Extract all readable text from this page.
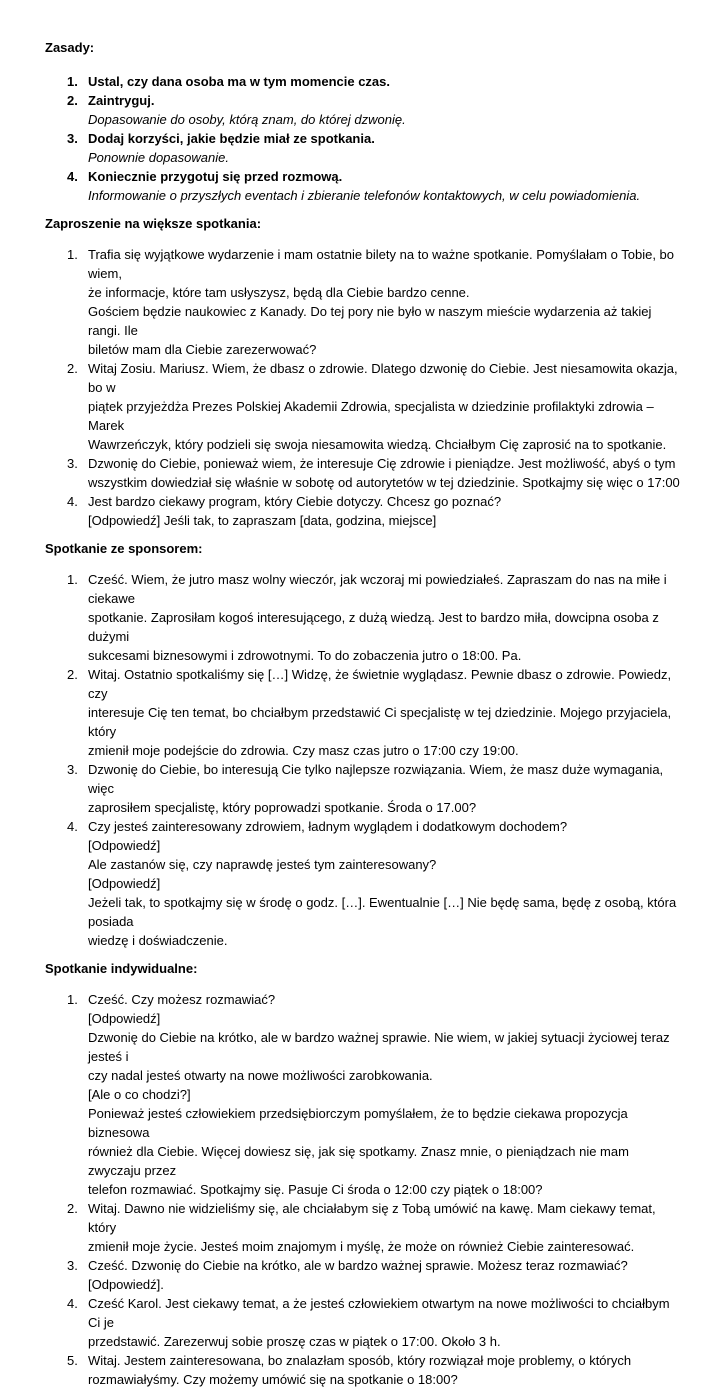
Zasady:

1. Ustal, czy dana osoba ma w tym momencie czas.
2. Zaintryguj.
Dopasowanie do osoby, którą znam, do której dzwonię.
3. Dodaj korzyści, jakie będzie miał ze spotkania.
Ponownie dopasowanie.
4. Koniecznie przygotuj się przed rozmową.
Informowanie o przyszłych eventach i zbieranie telefonów kontaktowych, w celu powiadomienia.

Zaproszenie na większe spotkania:

1. Trafia się wyjątkowe wydarzenie i mam ostatnie bilety na to ważne spotkanie. Pomyślałam o Tobie, bo wiem,
że informacje, które tam usłyszysz, będą dla Ciebie bardzo cenne.
Gościem będzie naukowiec z Kanady. Do tej pory nie było w naszym mieście wydarzenia aż takiej rangi. Ile
biletów mam dla Ciebie zarezerwować?
2. Witaj Zosiu. Mariusz. Wiem, że dbasz o zdrowie. Dlatego dzwonię do Ciebie. Jest niesamowita okazja, bo w
piątek przyjeżdża Prezes Polskiej Akademii Zdrowia, specjalista w dziedzinie profilaktyki zdrowia – Marek
Wawrzeńczyk, który podzieli się swoja niesamowita wiedzą. Chciałbym Cię zaprosić na to spotkanie.
3. Dzwonię do Ciebie, ponieważ wiem, że interesuje Cię zdrowie i pieniądze. Jest możliwość, abyś o tym
wszystkim dowiedział się właśnie w sobotę od autorytetów w tej dziedzinie. Spotkajmy się więc o 17:00
4. Jest bardzo ciekawy program, który Ciebie dotyczy. Chcesz go poznać?
[Odpowiedź] Jeśli tak, to zapraszam [data, godzina, miejsce]

Spotkanie ze sponsorem:

1. Cześć. Wiem, że jutro masz wolny wieczór, jak wczoraj mi powiedziałeś. Zapraszam do nas na miłe i ciekawe
spotkanie. Zaprosiłam kogoś interesującego, z dużą wiedzą. Jest to bardzo miła, dowcipna osoba z dużymi
sukcesami biznesowymi i zdrowotnymi. To do zobaczenia jutro o 18:00. Pa.
2. Witaj. Ostatnio spotkaliśmy się […] Widzę, że świetnie wyglądasz. Pewnie dbasz o zdrowie. Powiedz, czy
interesuje Cię ten temat, bo chciałbym przedstawić Ci specjalistę w tej dziedzinie. Mojego przyjaciela, który
zmienił moje podejście do zdrowia. Czy masz czas jutro o 17:00 czy 19:00.
3. Dzwonię do Ciebie, bo interesują Cie tylko najlepsze rozwiązania. Wiem, że masz duże wymagania, więc
zaprosiłem specjalistę, który poprowadzi spotkanie. Środa o 17.00?
4. Czy jesteś zainteresowany zdrowiem, ładnym wyglądem i dodatkowym dochodem?
[Odpowiedź]
Ale zastanów się, czy naprawdę jesteś tym zainteresowany?
[Odpowiedź]
Jeżeli tak, to spotkajmy się w środę o godz. […]. Ewentualnie […] Nie będę sama, będę z osobą, która posiada
wiedzę i doświadczenie.

Spotkanie indywidualne:

1. Cześć. Czy możesz rozmawiać?
[Odpowiedź]
Dzwonię do Ciebie na krótko, ale w bardzo ważnej sprawie. Nie wiem, w jakiej sytuacji życiowej teraz jesteś i
czy nadal jesteś otwarty na nowe możliwości zarobkowania.
[Ale o co chodzi?]
Ponieważ jesteś człowiekiem przedsiębiorczym pomyślałem, że to będzie ciekawa propozycja biznesowa
również dla Ciebie. Więcej dowiesz się, jak się spotkamy. Znasz mnie, o pieniądzach nie mam zwyczaju przez
telefon rozmawiać. Spotkajmy się. Pasuje Ci środa o 12:00 czy piątek o 18:00?
2. Witaj. Dawno nie widzieliśmy się, ale chciałabym się z Tobą umówić na kawę. Mam ciekawy temat, który
zmienił moje życie. Jesteś moim znajomym i myślę, że może on również Ciebie zainteresować.
3. Cześć. Dzwonię do Ciebie na krótko, ale w bardzo ważnej sprawie. Możesz teraz rozmawiać? [Odpowiedź].
4. Cześć Karol. Jest ciekawy temat, a że jesteś człowiekiem otwartym na nowe możliwości to chciałbym Ci je
przedstawić. Zarezerwuj sobie proszę czas w piątek o 17:00. Około 3 h.
5. Witaj. Jestem zainteresowana, bo znalazłam sposób, który rozwiązał moje problemy, o których
rozmawiałyśmy. Czy możemy umówić się na spotkanie o 18:00?
